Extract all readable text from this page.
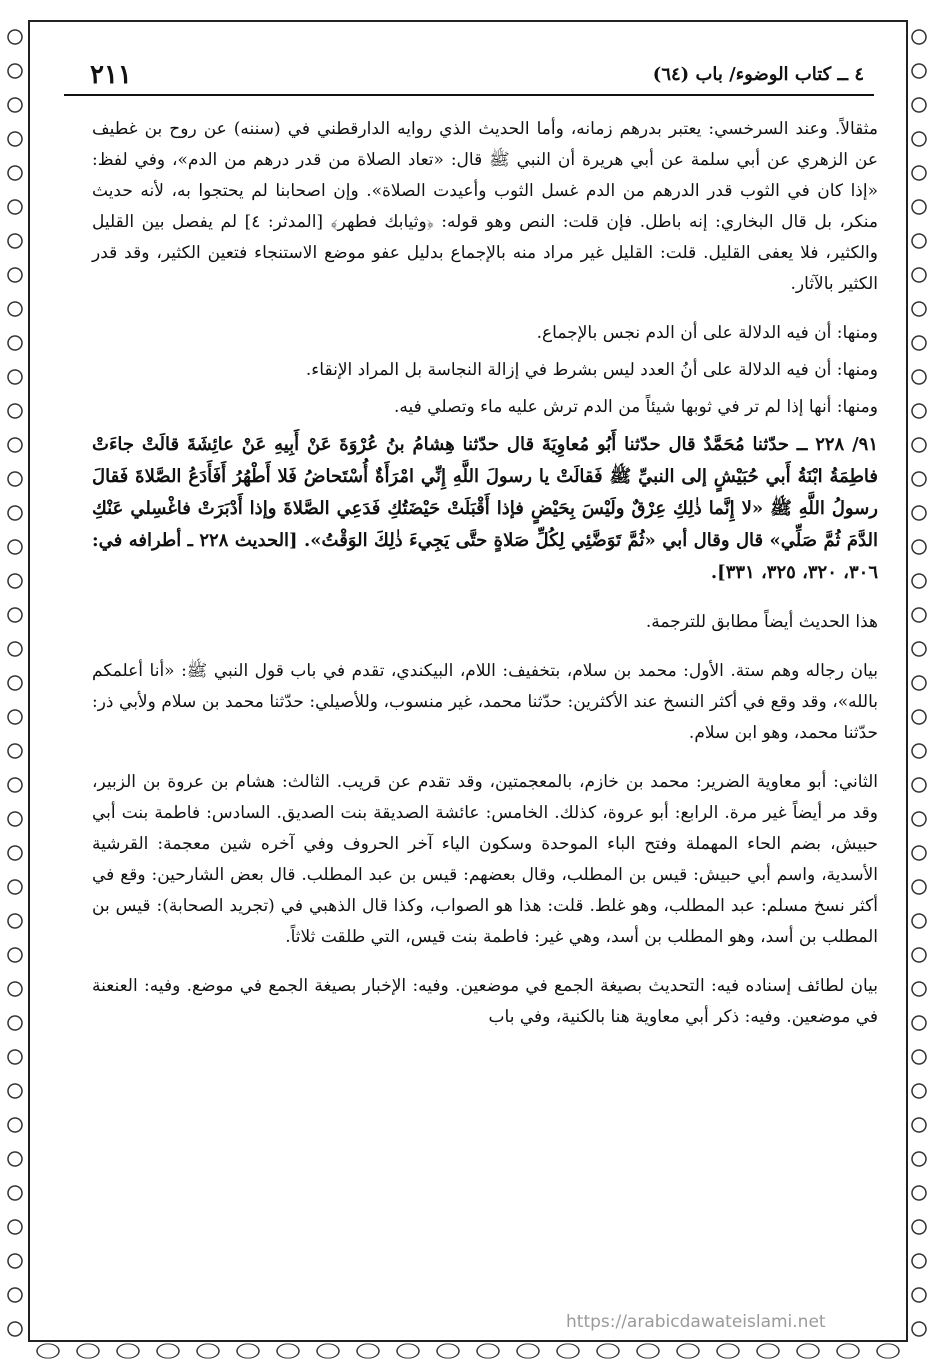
٢١١	٤ ــ كتاب الوضوء/ باب (٦٤)

مثقالاً. وعند السرخسي: يعتبر بدرهم زمانه، وأما الحديث الذي روايه الدارقطني في (سننه) عن روح بن غطيف عن الزهري عن أبي سلمة عن أبي هريرة أن النبي ﷺ قال: «تعاد الصلاة من قدر درهم من الدم»، وفي لفظ: «إذا كان في الثوب قدر الدرهم من الدم غسل الثوب وأعيدت الصلاة». وإن اصحابنا لم يحتجوا به، لأنه حديث منكر، بل قال البخاري: إنه باطل. فإن قلت: النص وهو قوله: ﴿وثيابك فطهر﴾ [المدثر: ٤] لم يفصل بين القليل والكثير، فلا يعفى القليل. قلت: القليل غير مراد منه بالإجماع بدليل عفو موضع الاستنجاء فتعين الكثير، وقد قدر الكثير بالآثار.

ومنها: أن فيه الدلالة على أن الدم نجس بالإجماع.

ومنها: أن فيه الدلالة على أنُ العدد ليس بشرط في إزالة النجاسة بل المراد الإنقاء.

ومنها: أنها إذا لم تر في ثوبها شيئاً من الدم ترش عليه ماء وتصلي فيه.

٩١/ ٢٢٨ ــ حدّثنا مُحَمَّدٌ قال حدّثنا أَبُو مُعاوِيَةَ قال حدّثنا هِشامُ بنُ عُرْوَةَ عَنْ أَبِيهِ عَنْ عائِشَةَ قالَتْ جاءَتْ فاطِمَةُ ابْنَةُ أَبي حُبَيْشٍ إلى النبيِّ ﷺ فَقالَتْ يا رسولَ اللَّهِ إِنِّي امْرَأَةٌ أُسْتَحاضُ فَلا أَطْهُرُ أَفَأَدَعُ الصَّلاةَ فَقالَ رسولُ اللَّهِ ﷺ «لا إِنَّما ذٰلِكِ عِرْقٌ ولَيْسَ بِحَيْضٍ فإذا أَقْبَلَتْ حَيْضَتُكِ فَدَعِي الصَّلاةَ وإذا أَدْبَرَتْ فاغْسِلي عَنْكِ الدَّمَ ثُمَّ صَلِّي» قال وقال أبي «ثُمَّ تَوَضَّئِي لِكُلِّ صَلاةٍ حتَّى يَجِيءَ ذٰلِكَ الوَقْتُ». [الحديث ٢٢٨ ـ أطرافه في: ٣٠٦، ٣٢٠، ٣٢٥، ٣٣١].

هذا الحديث أيضاً مطابق للترجمة.

بيان رجاله وهم ستة. الأول: محمد بن سلام، بتخفيف: اللام، البيكندي، تقدم في باب قول النبي ﷺ: «أنا أعلمكم بالله»، وقد وقع في أكثر النسخ عند الأكثرين: حدّثنا محمد، غير منسوب، وللأصيلي: حدّثنا محمد بن سلام ولأبي ذر: حدّثنا محمد، وهو ابن سلام.

الثاني: أبو معاوية الضرير: محمد بن خازم، بالمعجمتين، وقد تقدم عن قريب. الثالث: هشام بن عروة بن الزبير، وقد مر أيضاً غير مرة. الرابع: أبو عروة، كذلك. الخامس: عائشة الصديقة بنت الصديق. السادس: فاطمة بنت أبي حبيش، بضم الحاء المهملة وفتح الباء الموحدة وسكون الياء آخر الحروف وفي آخره شين معجمة: القرشية الأسدية، واسم أبي حبيش: قيس بن المطلب، وقال بعضهم: قيس بن عبد المطلب. قال بعض الشارحين: وقع في أكثر نسخ مسلم: عبد المطلب، وهو غلط. قلت: هذا هو الصواب، وكذا قال الذهبي في (تجريد الصحابة): قيس بن المطلب بن أسد، وهو المطلب بن أسد، وهي غير: فاطمة بنت قيس، التي طلقت ثلاثاً.

بيان لطائف إسناده فيه: التحديث بصيغة الجمع في موضعين. وفيه: الإخبار بصيغة الجمع في موضع. وفيه: العنعنة في موضعين. وفيه: ذكر أبي معاوية هنا بالكنية، وفي باب

https://arabicdawateislami.net
